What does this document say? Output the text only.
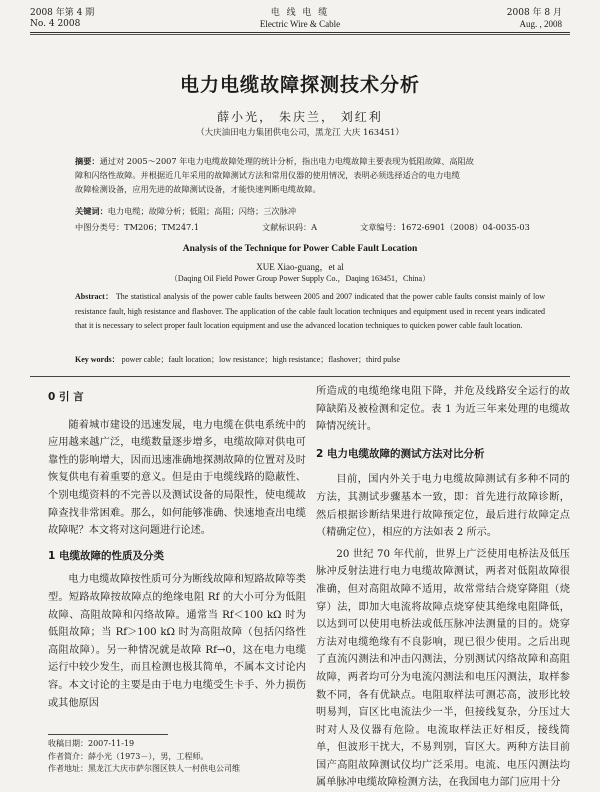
2008 年第 4 期
No. 4 2008
电 线 电 缆
Electric Wire & Cable
2008 年 8 月
Aug. , 2008
电力电缆故障探测技术分析
薛小光， 朱庆兰， 刘红利
（大庆油田电力集团供电公司，黑龙江 大庆 163451）
摘要：通过对 2005～2007 年电力电缆故障处理的统计分析，指出电力电缆故障主要表现为低阻故障、高阻故
障和闪络性故障。并根据近几年采用的故障测试方法和常用仪器的使用情况，表明必须选择适合的电力电缆
故障检测设备，应用先进的故障测试设备，才能快速判断电缆故障。
关键词：电力电缆；故障分析；低阻；高阻；闪络；三次脉冲
中图分类号：TM206；TM247.1	文献标识码：A	文章编号：1672-6901（2008）04-0035-03
Analysis of the Technique for Power Cable Fault Location
XUE Xiao-guang，et al
（Daqing Oil Field Power Group Power Supply Co.，Daqing 163451，China）
Abstract： The statistical analysis of the power cable faults between 2005 and 2007 indicated that the power cable faults consist mainly of low resistance fault, high resistance and flashover. The application of the cable fault location techniques and equipment used in recent years indicated that it is necessary to select proper fault location equipment and use the advanced location techniques to quicken power cable fault location.
Key words： power cable；fault location；low resistance；high resistance；flashover；third pulse
0 引 言

随着城市建设的迅速发展，电力电缆在供电系统中的应用越来越广泛，电缆数量逐步增多，电缆故障对供电可靠性的影响增大，因而迅速准确地探测故障的位置对及时恢复供电有着重要的意义。但是由于电缆线路的隐蔽性、个别电缆资料的不完善以及测试设备的局限性，使电缆故障查找非常困难。那么，如何能够准确、快速地查出电缆故障呢？本文将对这问题进行论述。

1 电缆故障的性质及分类

电力电缆故障按性质可分为断线故障和短路故障等类型。短路故障按故障点的绝缘电阻 Rf 的大小可分为低阻故障、高阻故障和闪络故障。通常当 Rf＜100 kΩ 时为低阻故障；当 Rf＞100 kΩ 时为高阻故障（包括闪络性高阻故障）。另一种情况就是故障 Rf→0，这在电力电缆运行中较少发生，而且检测也极其简单，不属本文讨论内容。本文讨论的主要是由于电力电缆受生卡手、外力损伤或其他原因

收稿日期：2007-11-19
作者简介：薛小光（1973－），男，工程师。
作者地址：黑龙江大庆市萨尔图区铁人一村供电公司维

所造成的电缆绝缘电阻下降，并危及线路安全运行的故障缺陷及被检测和定位。表 1 为近三年来处理的电缆故障情况统计。

2 电力电缆故障的测试方法对比分析

目前，国内外关于电力电缆故障测试有多种不同的方法，其测试步骤基本一致，即：首先进行故障诊断，然后根据诊断结果进行故障预定位，最后进行故障定点（精确定位），相应的方法如表 2 所示。

20 世纪 70 年代前，世界上广泛使用电桥法及低压脉冲反射法进行电力电缆故障测试，两者对低阻故障很准确，但对高阻故障不适用，故常常结合烧穿降阻（烧穿）法，即加大电流将故障点烧穿使其绝缘电阻降低，以达到可以使用电桥法或低压脉冲法测量的目的。烧穿方法对电缆绝缘有不良影响，现已很少使用。之后出现了直流闪测法和冲击闪测法，分别测试闪络故障和高阻故障，两者均可分为电流闪测法和电压闪测法，取样参数不同，各有优缺点。电阻取样法可测芯高，波形比较明易判，盲区比电流法少一半，但接线复杂，分压过大时对人及仪器有危险。电流取样法正好相反，接线简单，但波形干扰大，不易判别，盲区大。两种方法目前国产高阻故障测试仪均广泛采用。电流、电压闪测法均属单脉冲电缆故障检测方法，在我国电力部门应用十分
